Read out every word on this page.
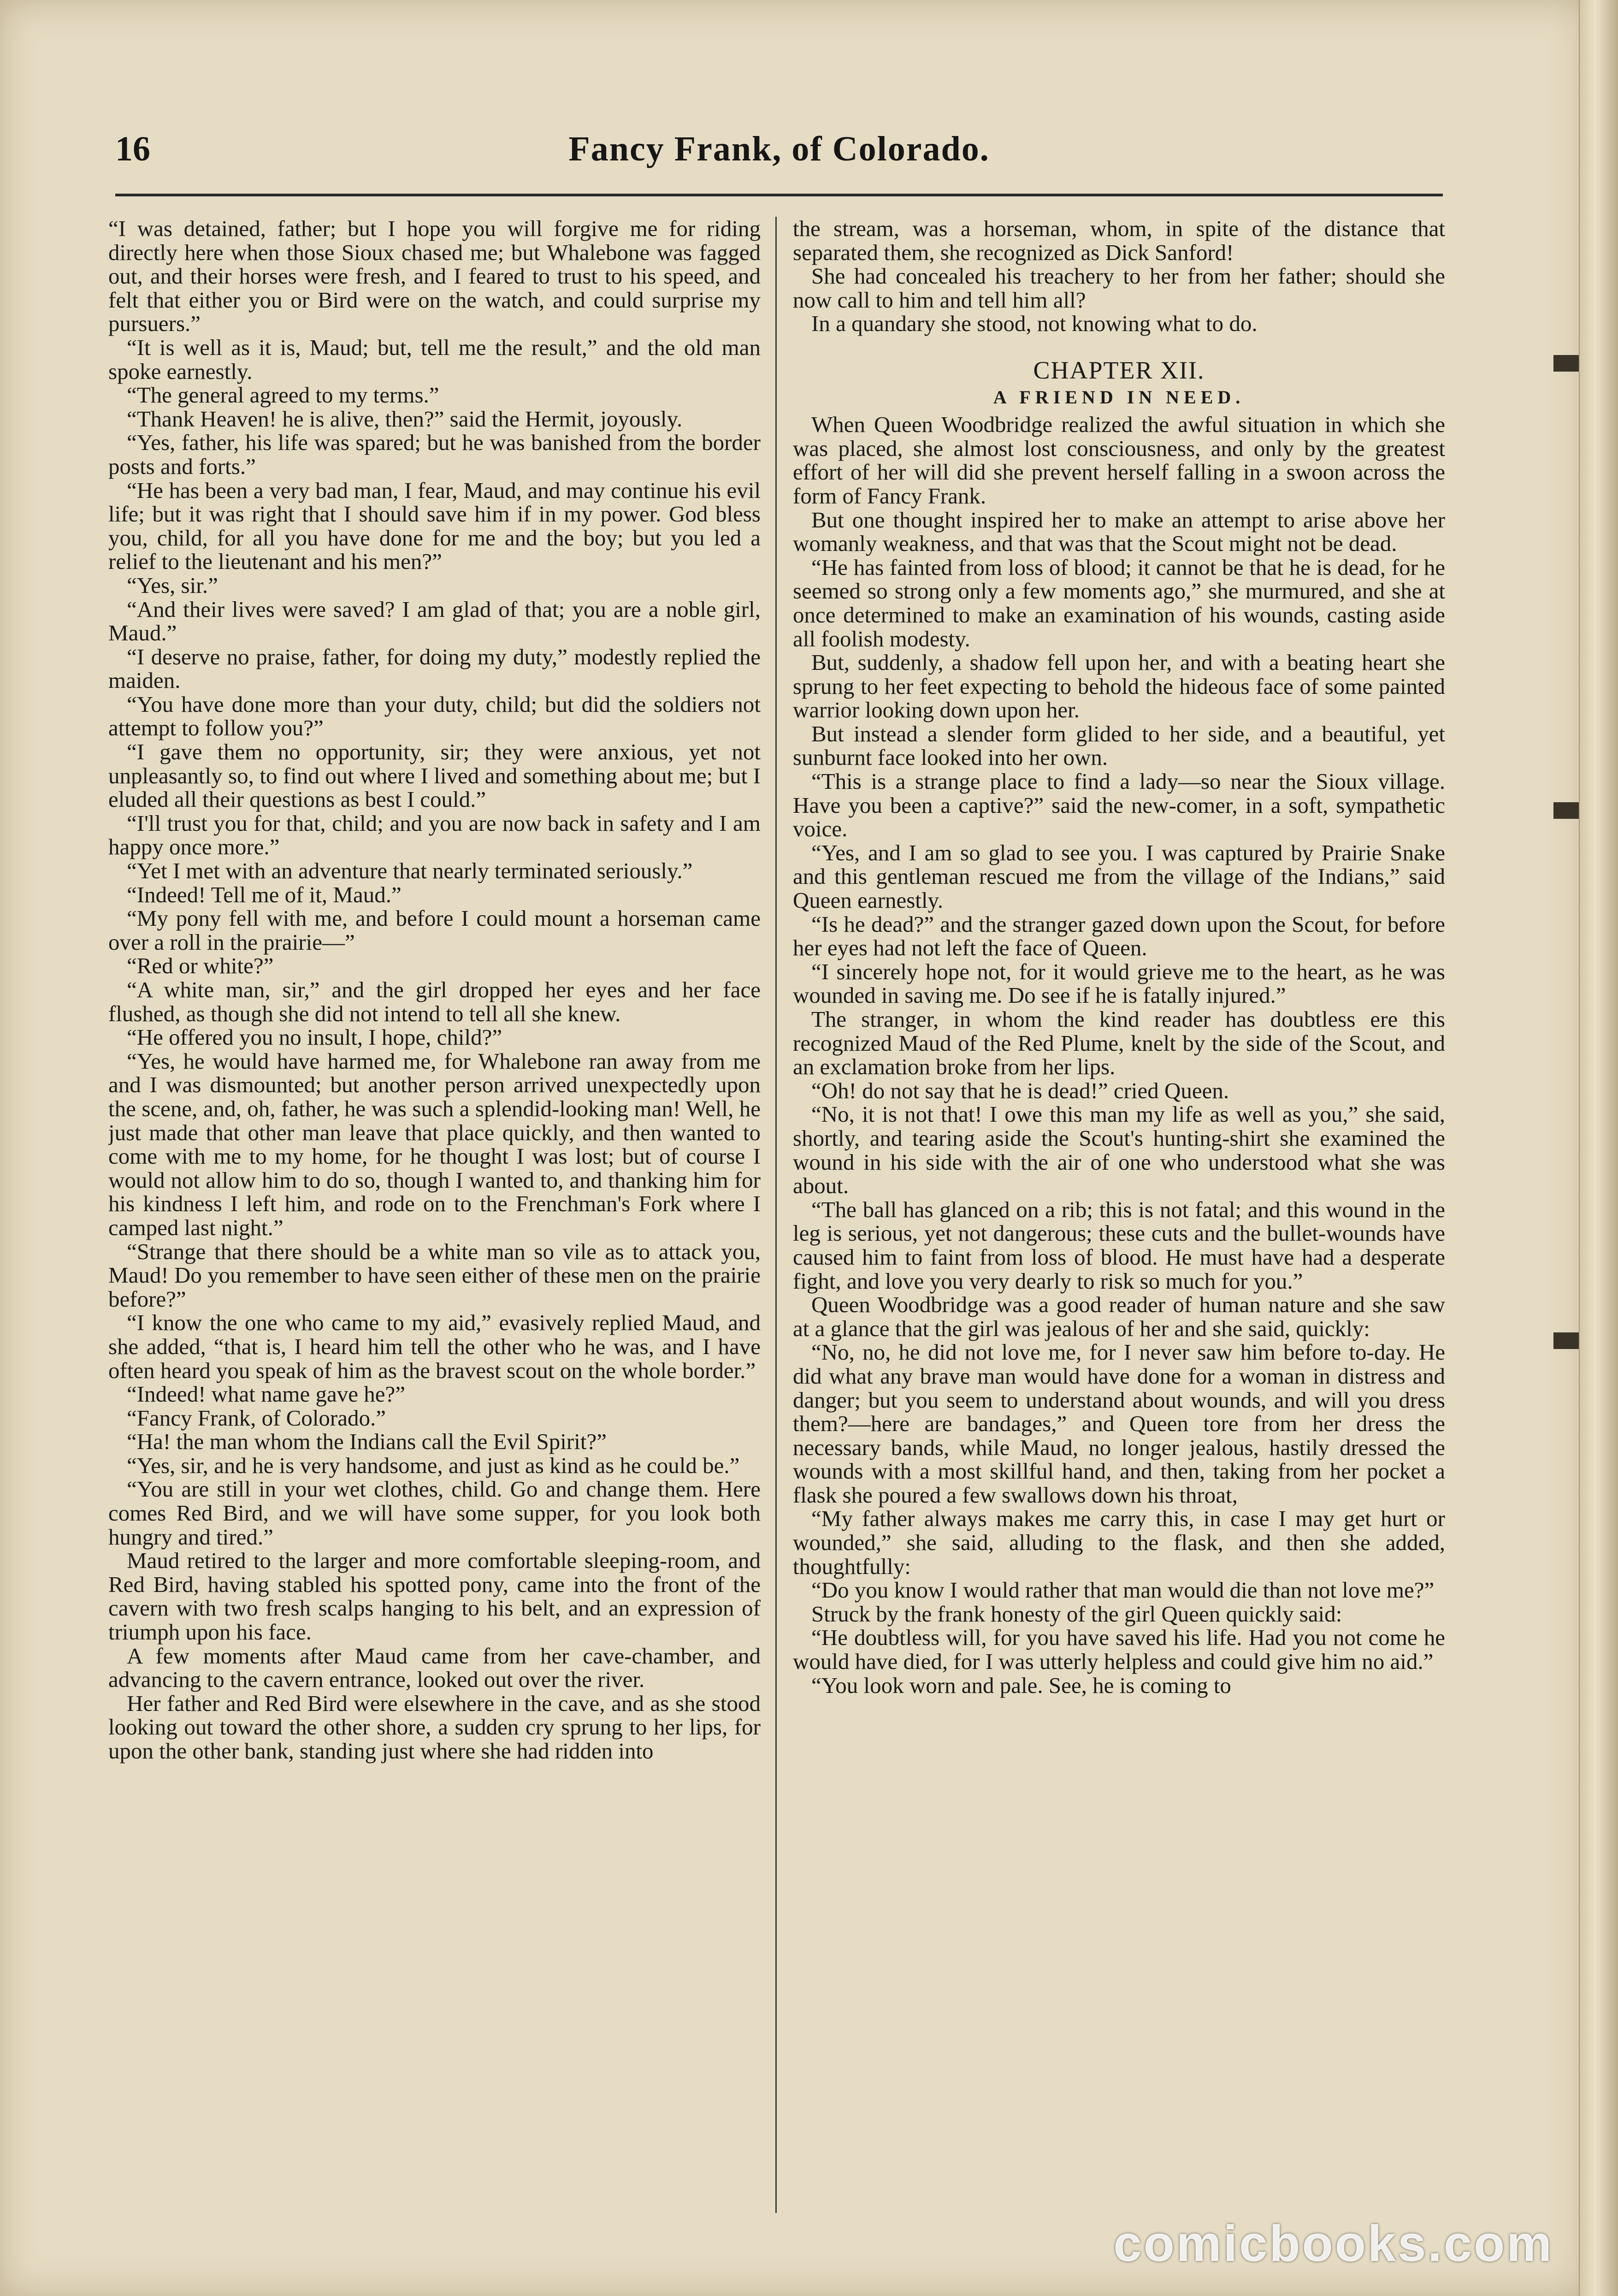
16	Fancy Frank, of Colorado.

“I was detained, father; but I hope you will forgive me for riding directly here when those Sioux chased me; but Whalebone was fagged out, and their horses were fresh, and I feared to trust to his speed, and felt that either you or Bird were on the watch, and could surprise my pursuers.”

“It is well as it is, Maud; but, tell me the result,” and the old man spoke earnestly.

“The general agreed to my terms.”

“Thank Heaven! he is alive, then?” said the Hermit, joyously.

“Yes, father, his life was spared; but he was banished from the border posts and forts.”

“He has been a very bad man, I fear, Maud, and may continue his evil life; but it was right that I should save him if in my power. God bless you, child, for all you have done for me and the boy; but you led a relief to the lieutenant and his men?”

“Yes, sir.”

“And their lives were saved? I am glad of that; you are a noble girl, Maud.”

“I deserve no praise, father, for doing my duty,” modestly replied the maiden.

“You have done more than your duty, child; but did the soldiers not attempt to follow you?”

“I gave them no opportunity, sir; they were anxious, yet not unpleasantly so, to find out where I lived and something about me; but I eluded all their questions as best I could.”

“I'll trust you for that, child; and you are now back in safety and I am happy once more.”

“Yet I met with an adventure that nearly terminated seriously.”

“Indeed! Tell me of it, Maud.”

“My pony fell with me, and before I could mount a horseman came over a roll in the prairie—”

“Red or white?”

“A white man, sir,” and the girl dropped her eyes and her face flushed, as though she did not intend to tell all she knew.

“He offered you no insult, I hope, child?”

“Yes, he would have harmed me, for Whalebone ran away from me and I was dismounted; but another person arrived unexpectedly upon the scene, and, oh, father, he was such a splendid-looking man! Well, he just made that other man leave that place quickly, and then wanted to come with me to my home, for he thought I was lost; but of course I would not allow him to do so, though I wanted to, and thanking him for his kindness I left him, and rode on to the Frenchman's Fork where I camped last night.”

“Strange that there should be a white man so vile as to attack you, Maud! Do you remember to have seen either of these men on the prairie before?”

“I know the one who came to my aid,” evasively replied Maud, and she added, “that is, I heard him tell the other who he was, and I have often heard you speak of him as the bravest scout on the whole border.”

“Indeed! what name gave he?”

“Fancy Frank, of Colorado.”

“Ha! the man whom the Indians call the Evil Spirit?”

“Yes, sir, and he is very handsome, and just as kind as he could be.”

“You are still in your wet clothes, child. Go and change them. Here comes Red Bird, and we will have some supper, for you look both hungry and tired.”

Maud retired to the larger and more comfortable sleeping-room, and Red Bird, having stabled his spotted pony, came into the front of the cavern with two fresh scalps hanging to his belt, and an expression of triumph upon his face.

A few moments after Maud came from her cave-chamber, and advancing to the cavern entrance, looked out over the river.

Her father and Red Bird were elsewhere in the cave, and as she stood looking out toward the other shore, a sudden cry sprung to her lips, for upon the other bank, standing just where she had ridden into

the stream, was a horseman, whom, in spite of the distance that separated them, she recognized as Dick Sanford!

She had concealed his treachery to her from her father; should she now call to him and tell him all?

In a quandary she stood, not knowing what to do.

CHAPTER XII.
A FRIEND IN NEED.

When Queen Woodbridge realized the awful situation in which she was placed, she almost lost consciousness, and only by the greatest effort of her will did she prevent herself falling in a swoon across the form of Fancy Frank.

But one thought inspired her to make an attempt to arise above her womanly weakness, and that was that the Scout might not be dead.

“He has fainted from loss of blood; it cannot be that he is dead, for he seemed so strong only a few moments ago,” she murmured, and she at once determined to make an examination of his wounds, casting aside all foolish modesty.

But, suddenly, a shadow fell upon her, and with a beating heart she sprung to her feet expecting to behold the hideous face of some painted warrior looking down upon her.

But instead a slender form glided to her side, and a beautiful, yet sunburnt face looked into her own.

“This is a strange place to find a lady—so near the Sioux village. Have you been a captive?” said the new-comer, in a soft, sympathetic voice.

“Yes, and I am so glad to see you. I was captured by Prairie Snake and this gentleman rescued me from the village of the Indians,” said Queen earnestly.

“Is he dead?” and the stranger gazed down upon the Scout, for before her eyes had not left the face of Queen.

“I sincerely hope not, for it would grieve me to the heart, as he was wounded in saving me. Do see if he is fatally injured.”

The stranger, in whom the kind reader has doubtless ere this recognized Maud of the Red Plume, knelt by the side of the Scout, and an exclamation broke from her lips.

“Oh! do not say that he is dead!” cried Queen.

“No, it is not that! I owe this man my life as well as you,” she said, shortly, and tearing aside the Scout's hunting-shirt she examined the wound in his side with the air of one who understood what she was about.

“The ball has glanced on a rib; this is not fatal; and this wound in the leg is serious, yet not dangerous; these cuts and the bullet-wounds have caused him to faint from loss of blood. He must have had a desperate fight, and love you very dearly to risk so much for you.”

Queen Woodbridge was a good reader of human nature and she saw at a glance that the girl was jealous of her and she said, quickly:

“No, no, he did not love me, for I never saw him before to-day. He did what any brave man would have done for a woman in distress and danger; but you seem to understand about wounds, and will you dress them?—here are bandages,” and Queen tore from her dress the necessary bands, while Maud, no longer jealous, hastily dressed the wounds with a most skillful hand, and then, taking from her pocket a flask she poured a few swallows down his throat,

“My father always makes me carry this, in case I may get hurt or wounded,” she said, alluding to the flask, and then she added, thoughtfully:

“Do you know I would rather that man would die than not love me?”

Struck by the frank honesty of the girl Queen quickly said:

“He doubtless will, for you have saved his life. Had you not come he would have died, for I was utterly helpless and could give him no aid.”

“You look worn and pale. See, he is coming to

comicbooks.com
